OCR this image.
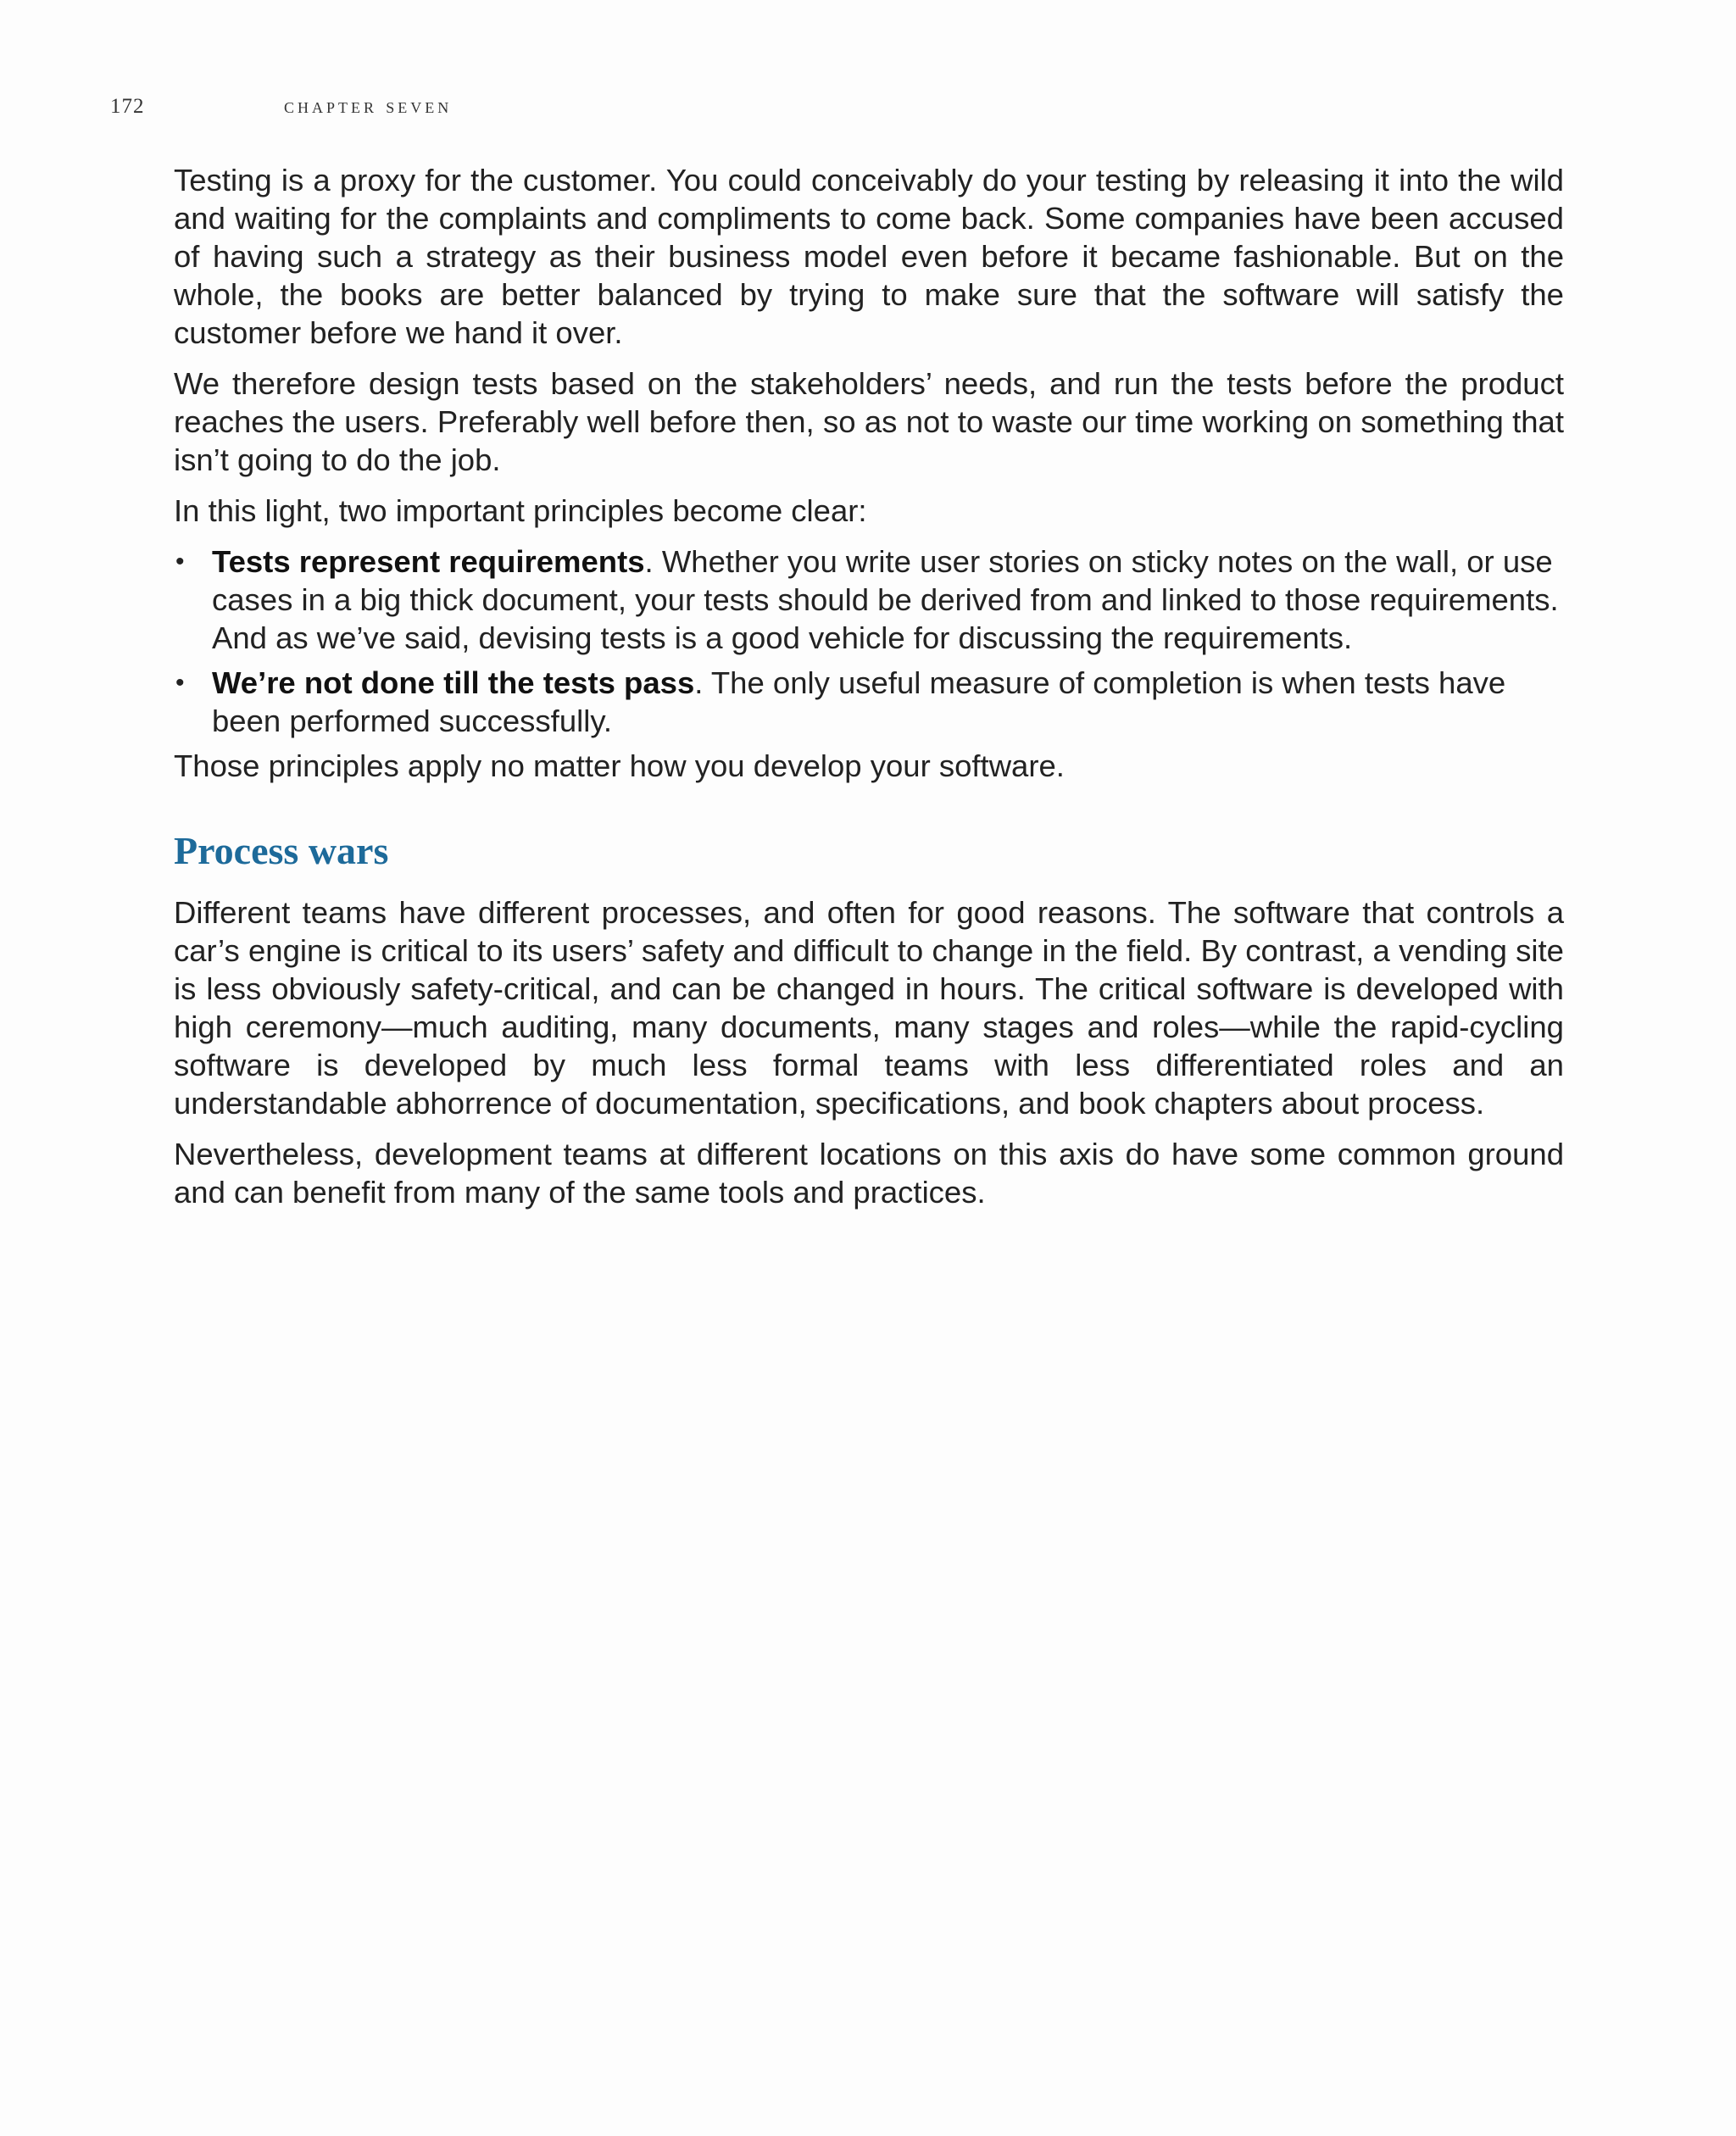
172	chapter seven

Testing is a proxy for the customer. You could conceivably do your testing by releasing it into the wild and waiting for the complaints and compliments to come back. Some companies have been accused of having such a strategy as their business model even before it became fashionable. But on the whole, the books are better balanced by trying to make sure that the software will satisfy the customer before we hand it over.

We therefore design tests based on the stakeholders’ needs, and run the tests before the product reaches the users. Preferably well before then, so as not to waste our time working on something that isn’t going to do the job.

In this light, two important principles become clear:

• Tests represent requirements. Whether you write user stories on sticky notes on the wall, or use cases in a big thick document, your tests should be derived from and linked to those requirements. And as we’ve said, devising tests is a good vehicle for discussing the requirements.
• We’re not done till the tests pass. The only useful measure of completion is when tests have been performed successfully.

Those principles apply no matter how you develop your software.

Process wars

Different teams have different processes, and often for good reasons. The software that controls a car’s engine is critical to its users’ safety and difficult to change in the field. By contrast, a vending site is less obviously safety-critical, and can be changed in hours. The critical software is developed with high ceremony—much auditing, many documents, many stages and roles—while the rapid-cycling software is developed by much less formal teams with less differentiated roles and an understandable abhorrence of documentation, specifications, and book chapters about process.

Nevertheless, development teams at different locations on this axis do have some common ground and can benefit from many of the same tools and practices.
